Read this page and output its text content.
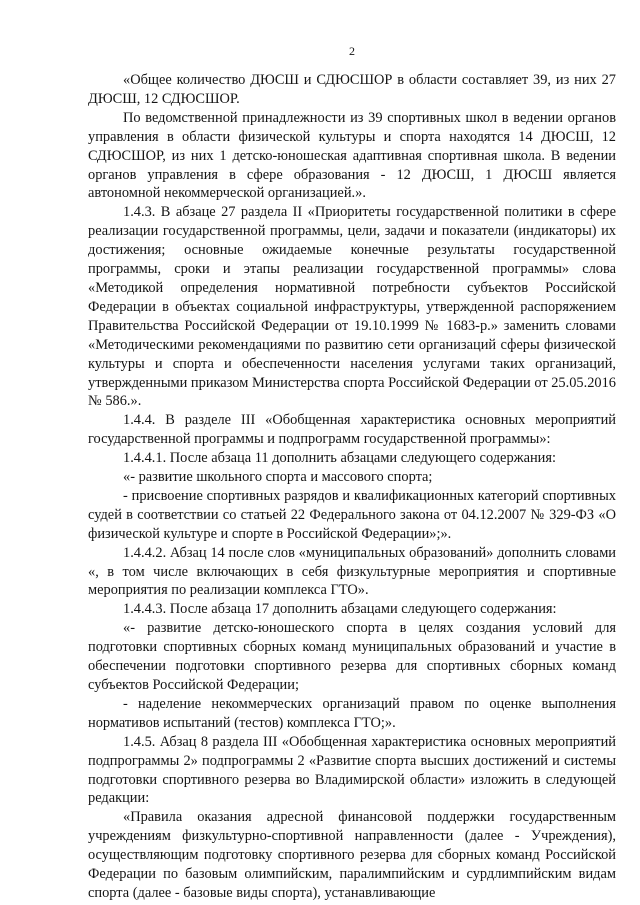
2

«Общее количество ДЮСШ и СДЮСШОР в области составляет 39, из них 27 ДЮСШ, 12 СДЮСШОР.

По ведомственной принадлежности из 39 спортивных школ в ведении органов управления в области физической культуры и спорта находятся 14 ДЮСШ, 12 СДЮСШОР, из них 1 детско-юношеская адаптивная спортивная школа. В ведении органов управления в сфере образования - 12 ДЮСШ, 1 ДЮСШ является автономной некоммерческой организацией.».

1.4.3. В абзаце 27 раздела II «Приоритеты государственной политики в сфере реализации государственной программы, цели, задачи и показатели (индикаторы) их достижения; основные ожидаемые конечные результаты государственной программы, сроки и этапы реализации государственной программы» слова «Методикой определения нормативной потребности субъектов Российской Федерации в объектах социальной инфраструктуры, утвержденной распоряжением Правительства Российской Федерации от 19.10.1999 № 1683-р.» заменить словами «Методическими рекомендациями по развитию сети организаций сферы физической культуры и спорта и обеспеченности населения услугами таких организаций, утвержденными приказом Министерства спорта Российской Федерации от 25.05.2016 № 586.».

1.4.4. В разделе III «Обобщенная характеристика основных мероприятий государственной программы и подпрограмм государственной программы»:

1.4.4.1. После абзаца 11 дополнить абзацами следующего содержания:

«- развитие школьного спорта и массового спорта;

- присвоение спортивных разрядов и квалификационных категорий спортивных судей в соответствии со статьей 22 Федерального закона от 04.12.2007 № 329-ФЗ «О физической культуре и спорте в Российской Федерации»;».

1.4.4.2. Абзац 14 после слов «муниципальных образований» дополнить словами «, в том числе включающих в себя физкультурные мероприятия и спортивные мероприятия по реализации комплекса ГТО».

1.4.4.3. После абзаца 17 дополнить абзацами следующего содержания:

«- развитие детско-юношеского спорта в целях создания условий для подготовки спортивных сборных команд муниципальных образований и участие в обеспечении подготовки спортивного резерва для спортивных сборных команд субъектов Российской Федерации;

- наделение некоммерческих организаций правом по оценке выполнения нормативов испытаний (тестов) комплекса ГТО;».

1.4.5. Абзац 8 раздела III «Обобщенная характеристика основных мероприятий подпрограммы 2» подпрограммы 2 «Развитие спорта высших достижений и системы подготовки спортивного резерва во Владимирской области» изложить в следующей редакции:

«Правила оказания адресной финансовой поддержки государственным учреждениям физкультурно-спортивной направленности (далее - Учреждения), осуществляющим подготовку спортивного резерва для сборных команд Российской Федерации по базовым олимпийским, паралимпийским и сурдлимпийским видам спорта (далее - базовые виды спорта), устанавливающие
